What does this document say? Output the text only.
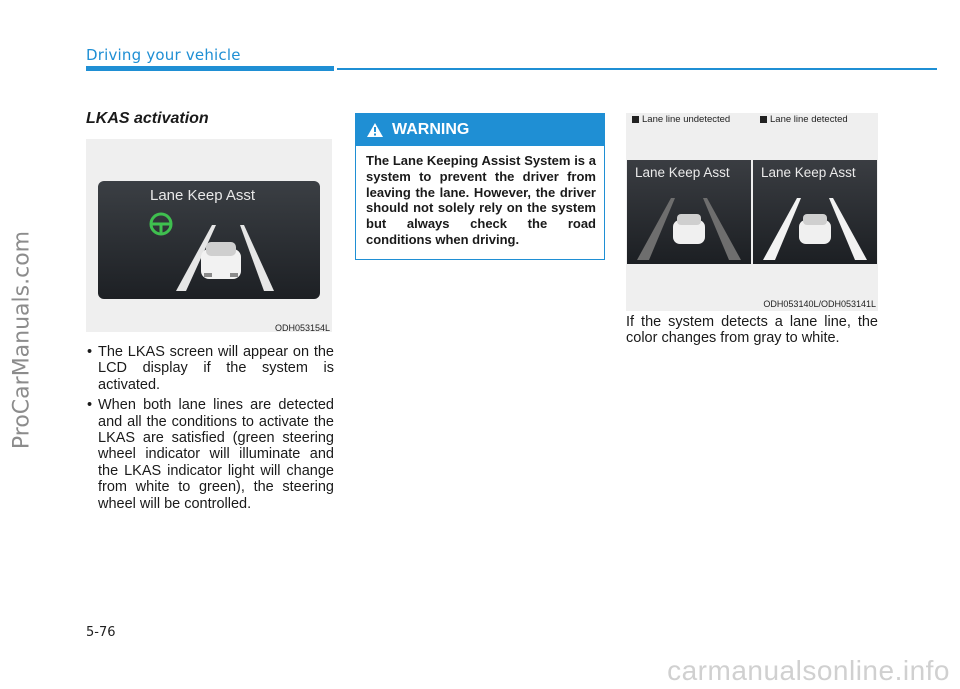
Driving your vehicle
ProCarManuals.com
LKAS activation
Lane Keep Asst
ODH053154L
• The LKAS screen will appear on the LCD display if the system is activated.
• When both lane lines are detected and all the conditions to activate the LKAS are satisfied (green steering wheel indicator will illuminate and the LKAS indicator light will change from white to green), the steering wheel will be controlled.
WARNING
The Lane Keeping Assist System is a system to prevent the driver from leaving the lane. However, the driver should not solely rely on the system but always check the road conditions when driving.
Lane line undetected	Lane line detected
Lane Keep Asst Lane Keep Asst
ODH053140L/ODH053141L
If the system detects a lane line, the color changes from gray to white.
5-76
carmanualsonline.info
